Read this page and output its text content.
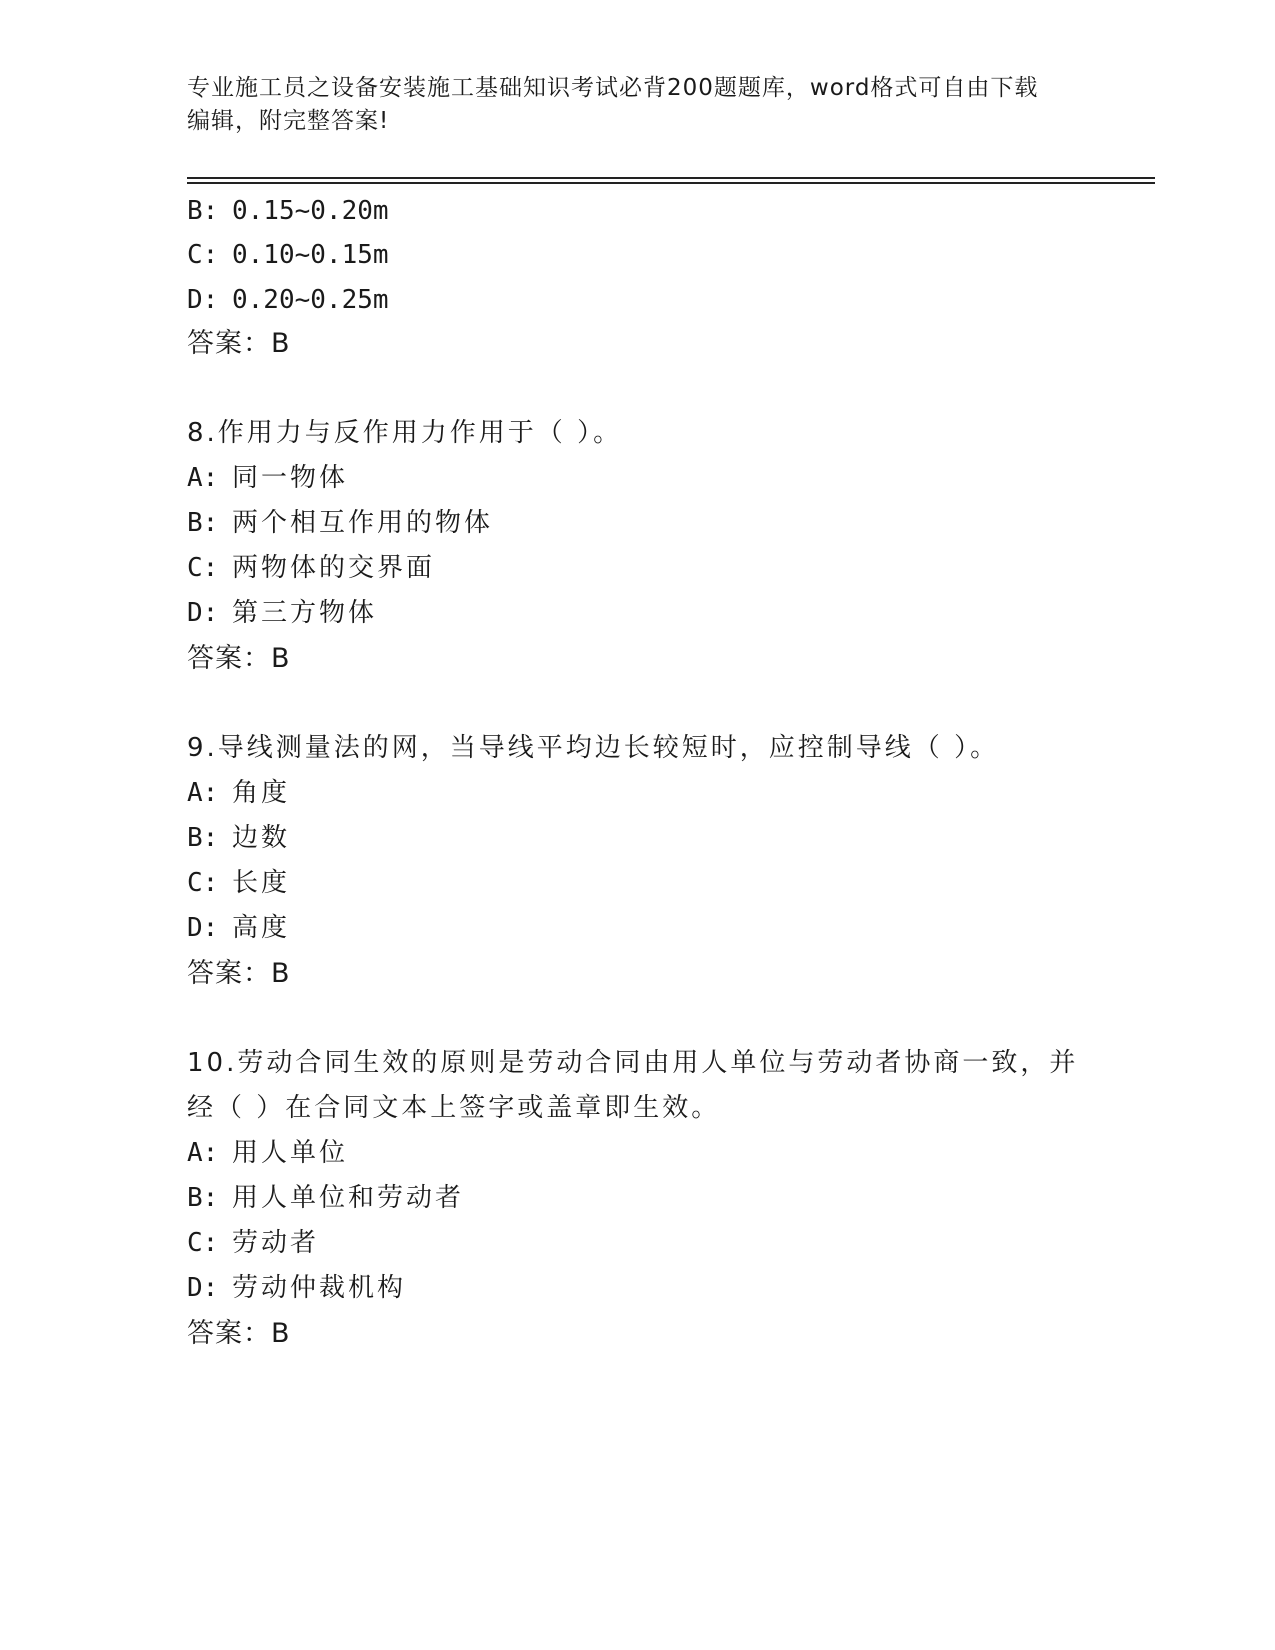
专业施工员之设备安装施工基础知识考试必背200题题库，word格式可自由下载
编辑，附完整答案!
B: 0.15~0.20m
C: 0.10~0.15m
D: 0.20~0.25m
答案：B
8.作用力与反作用力作用于（ ）。
A: 同一物体
B: 两个相互作用的物体
C: 两物体的交界面
D: 第三方物体
答案：B
9.导线测量法的网，当导线平均边长较短时，应控制导线（ ）。
A: 角度
B: 边数
C: 长度
D: 高度
答案：B
10.劳动合同生效的原则是劳动合同由用人单位与劳动者协商一致，并
经（ ）在合同文本上签字或盖章即生效。
A: 用人单位
B: 用人单位和劳动者
C: 劳动者
D: 劳动仲裁机构
答案：B
